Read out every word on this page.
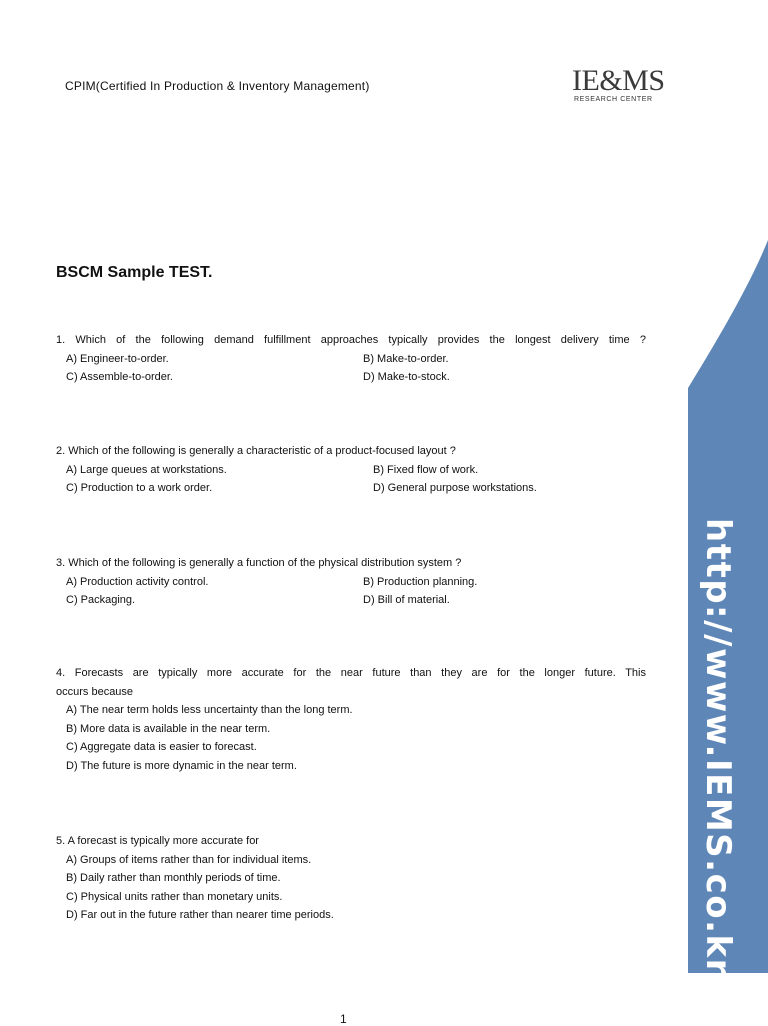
CPIM(Certified In Production & Inventory Management)	IE&MS
RESEARCH CENTER
BSCM Sample TEST.
1. Which of the following demand fulfillment approaches typically provides the longest delivery time ?
A) Engineer-to-order.	B) Make-to-order.
C) Assemble-to-order.	D) Make-to-stock.
2. Which of the following is generally a characteristic of a product-focused layout ?
A) Large queues at workstations.	B) Fixed flow of work.
C) Production to a work order.	D) General purpose workstations.
3. Which of the following is generally a function of the physical distribution system ?
A) Production activity control.	B) Production planning.
C) Packaging.	D) Bill of material.
4. Forecasts are typically more accurate for the near future than they are for the longer future. This
occurs because
A) The near term holds less uncertainty than the long term.
B) More data is available in the near term.
C) Aggregate data is easier to forecast.
D) The future is more dynamic in the near term.
5. A forecast is typically more accurate for
A) Groups of items rather than for individual items.
B) Daily rather than monthly periods of time.
C) Physical units rather than monetary units.
D) Far out in the future rather than nearer time periods.	http://www.IEMS.co.kr
1
